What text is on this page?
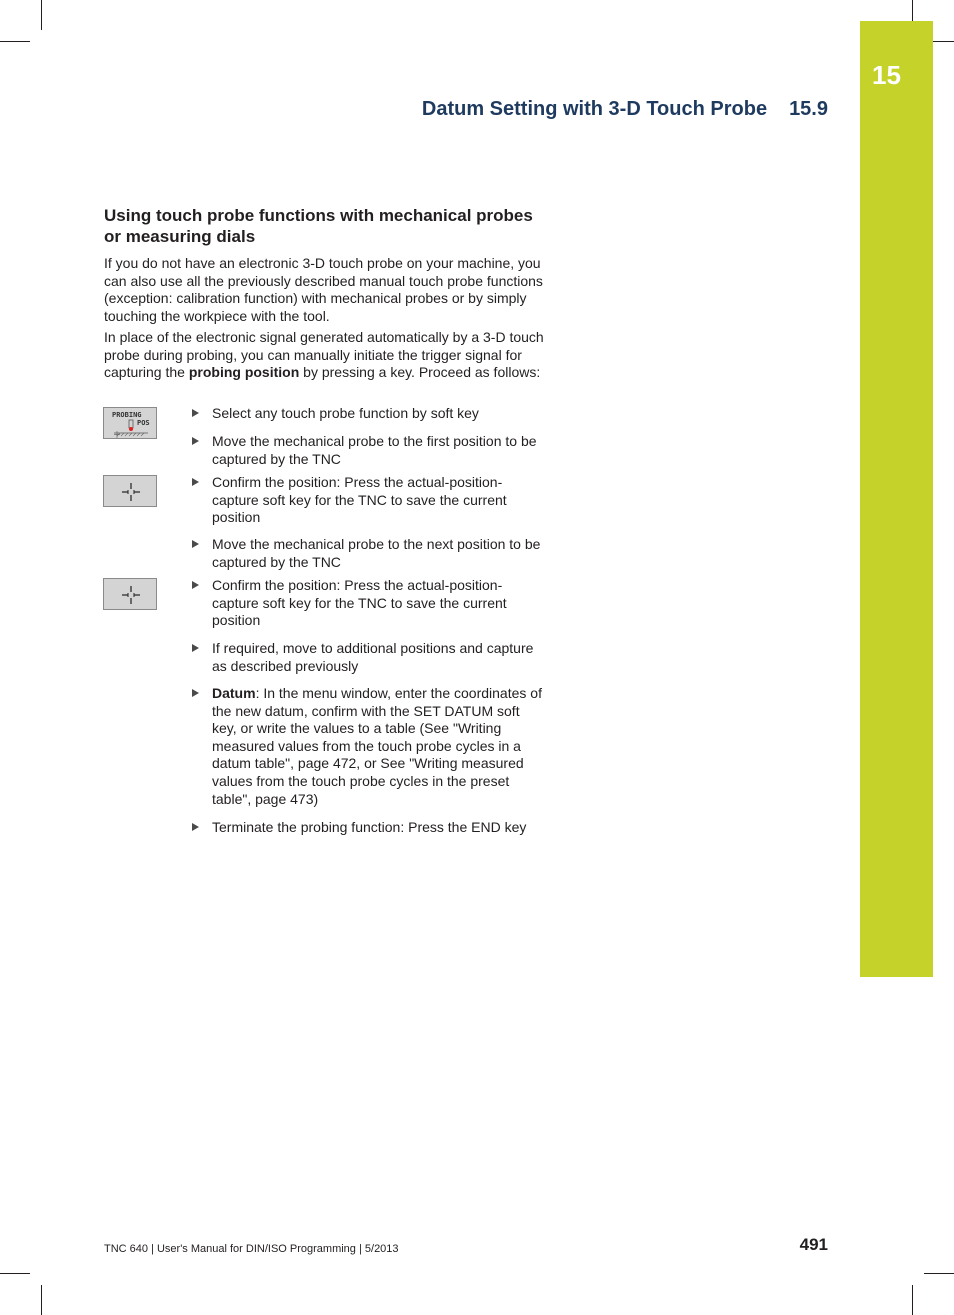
15
Datum Setting with 3-D Touch Probe 15.9
Using touch probe functions with mechanical probes or measuring dials

If you do not have an electronic 3-D touch probe on your machine, you can also use all the previously described manual touch probe functions (exception: calibration function) with mechanical probes or by simply touching the workpiece with the tool.

In place of the electronic signal generated automatically by a 3-D touch probe during probing, you can manually initiate the trigger signal for capturing the probing position by pressing a key. Proceed as follows:

PROBING
POS
Select any touch probe function by soft key
Move the mechanical probe to the first position to be captured by the TNC
Confirm the position: Press the actual-position-capture soft key for the TNC to save the current position
Move the mechanical probe to the next position to be captured by the TNC
Confirm the position: Press the actual-position-capture soft key for the TNC to save the current position
If required, move to additional positions and capture as described previously
Datum: In the menu window, enter the coordinates of the new datum, confirm with the SET DATUM soft key, or write the values to a table (See "Writing measured values from the touch probe cycles in a datum table", page 472, or See "Writing measured values from the touch probe cycles in the preset table", page 473)
Terminate the probing function: Press the END key
TNC 640 | User's Manual for DIN/ISO Programming | 5/2013	491
